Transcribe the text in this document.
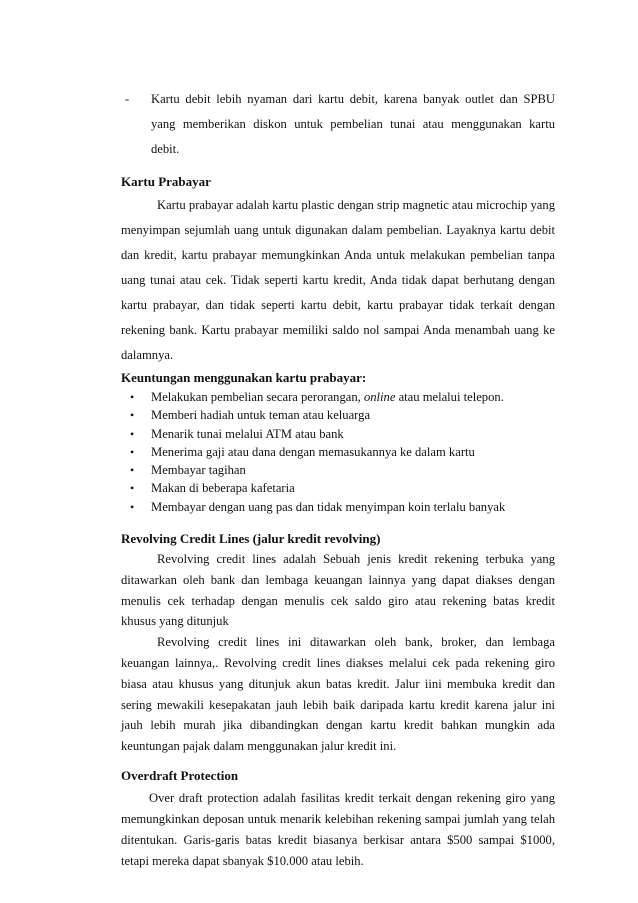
- Kartu debit lebih nyaman dari kartu debit, karena banyak outlet dan SPBU

yang memberikan diskon untuk pembelian tunai atau menggunakan kartu

debit.

Kartu Prabayar

Kartu prabayar adalah kartu plastic dengan strip magnetic atau microchip yang menyimpan sejumlah uang untuk digunakan dalam pembelian. Layaknya kartu debit dan kredit, kartu prabayar memungkinkan Anda untuk melakukan pembelian tanpa uang tunai atau cek. Tidak seperti kartu kredit, Anda tidak dapat berhutang dengan kartu prabayar, dan tidak seperti kartu debit, kartu prabayar tidak terkait dengan rekening bank. Kartu prabayar memiliki saldo nol sampai Anda menambah uang ke dalamnya.

Keuntungan menggunakan kartu prabayar:

• Melakukan pembelian secara perorangan, online atau melalui telepon.
• Memberi hadiah untuk teman atau keluarga
• Menarik tunai melalui ATM atau bank
• Menerima gaji atau dana dengan memasukannya ke dalam kartu
• Membayar tagihan
• Makan di beberapa kafetaria
• Membayar dengan uang pas dan tidak menyimpan koin terlalu banyak

Revolving Credit Lines (jalur kredit revolving)

Revolving credit lines adalah Sebuah jenis kredit rekening terbuka yang ditawarkan oleh bank dan lembaga keuangan lainnya yang dapat diakses dengan menulis cek terhadap dengan menulis cek saldo giro atau rekening batas kredit khusus yang ditunjuk

Revolving credit lines ini ditawarkan oleh bank, broker, dan lembaga keuangan lainnya,. Revolving credit lines diakses melalui cek pada rekening giro biasa atau khusus yang ditunjuk akun batas kredit. Jalur iini membuka kredit dan sering mewakili kesepakatan jauh lebih baik daripada kartu kredit karena jalur ini jauh lebih murah jika dibandingkan dengan kartu kredit bahkan mungkin ada keuntungan pajak dalam menggunakan jalur kredit ini.

Overdraft Protection

Over draft protection adalah fasilitas kredit terkait dengan rekening giro yang memungkinkan deposan untuk menarik kelebihan rekening sampai jumlah yang telah ditentukan. Garis-garis batas kredit biasanya berkisar antara $500 sampai $1000, tetapi mereka dapat sbanyak $10.000 atau lebih.
